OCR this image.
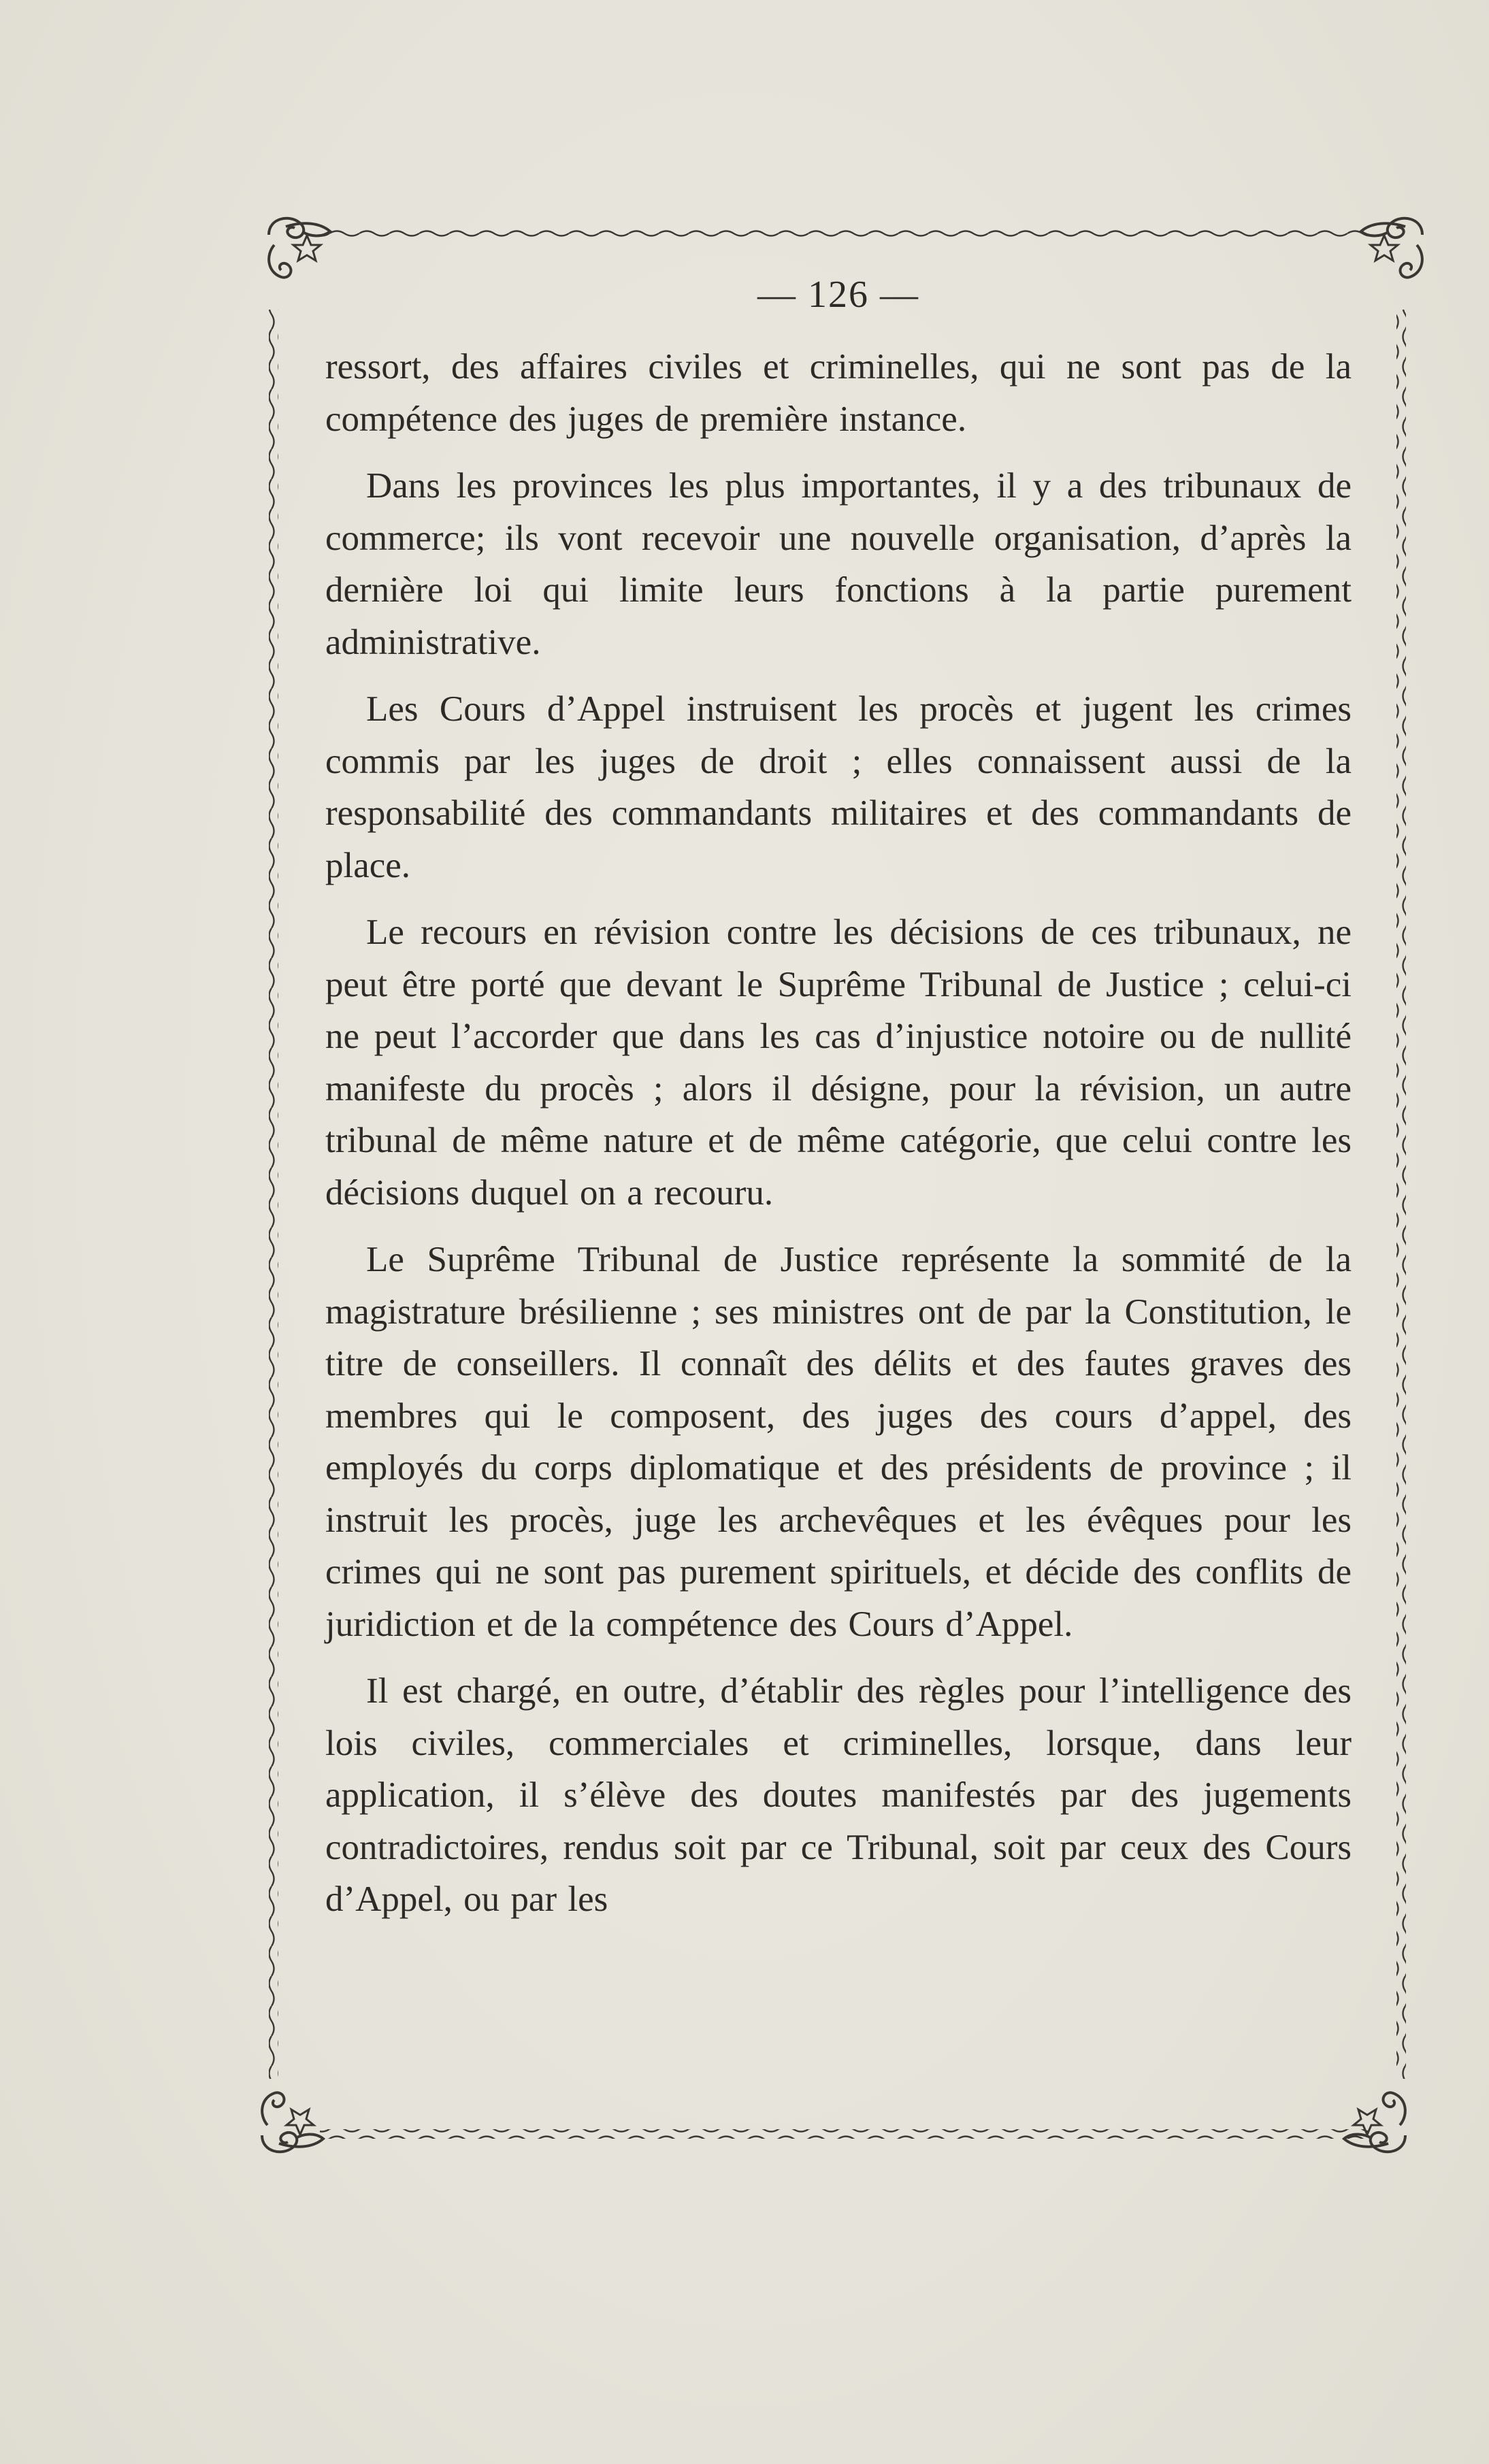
— 126 —

ressort, des affaires civiles et criminelles, qui ne sont pas de la compétence des juges de première instance.

Dans les provinces les plus importantes, il y a des tribunaux de commerce; ils vont recevoir une nouvelle organisation, d’après la dernière loi qui limite leurs fonctions à la partie purement administrative.

Les Cours d’Appel instruisent les procès et jugent les crimes commis par les juges de droit ; elles connaissent aussi de la responsabilité des commandants militaires et des commandants de place.

Le recours en révision contre les décisions de ces tribunaux, ne peut être porté que devant le Suprême Tribunal de Justice ; celui-ci ne peut l’accorder que dans les cas d’injustice notoire ou de nullité manifeste du procès ; alors il désigne, pour la révision, un autre tribunal de même nature et de même catégorie, que celui contre les décisions duquel on a recouru.

Le Suprême Tribunal de Justice représente la sommité de la magistrature brésilienne ; ses ministres ont de par la Constitution, le titre de conseillers. Il connaît des délits et des fautes graves des membres qui le composent, des juges des cours d’appel, des employés du corps diplomatique et des présidents de province ; il instruit les procès, juge les archevêques et les évêques pour les crimes qui ne sont pas purement spirituels, et décide des conflits de juridiction et de la compétence des Cours d’Appel.

Il est chargé, en outre, d’établir des règles pour l’intelligence des lois civiles, commerciales et criminelles, lorsque, dans leur application, il s’élève des doutes manifestés par des jugements contradictoires, rendus soit par ce Tribunal, soit par ceux des Cours d’Appel, ou par les
